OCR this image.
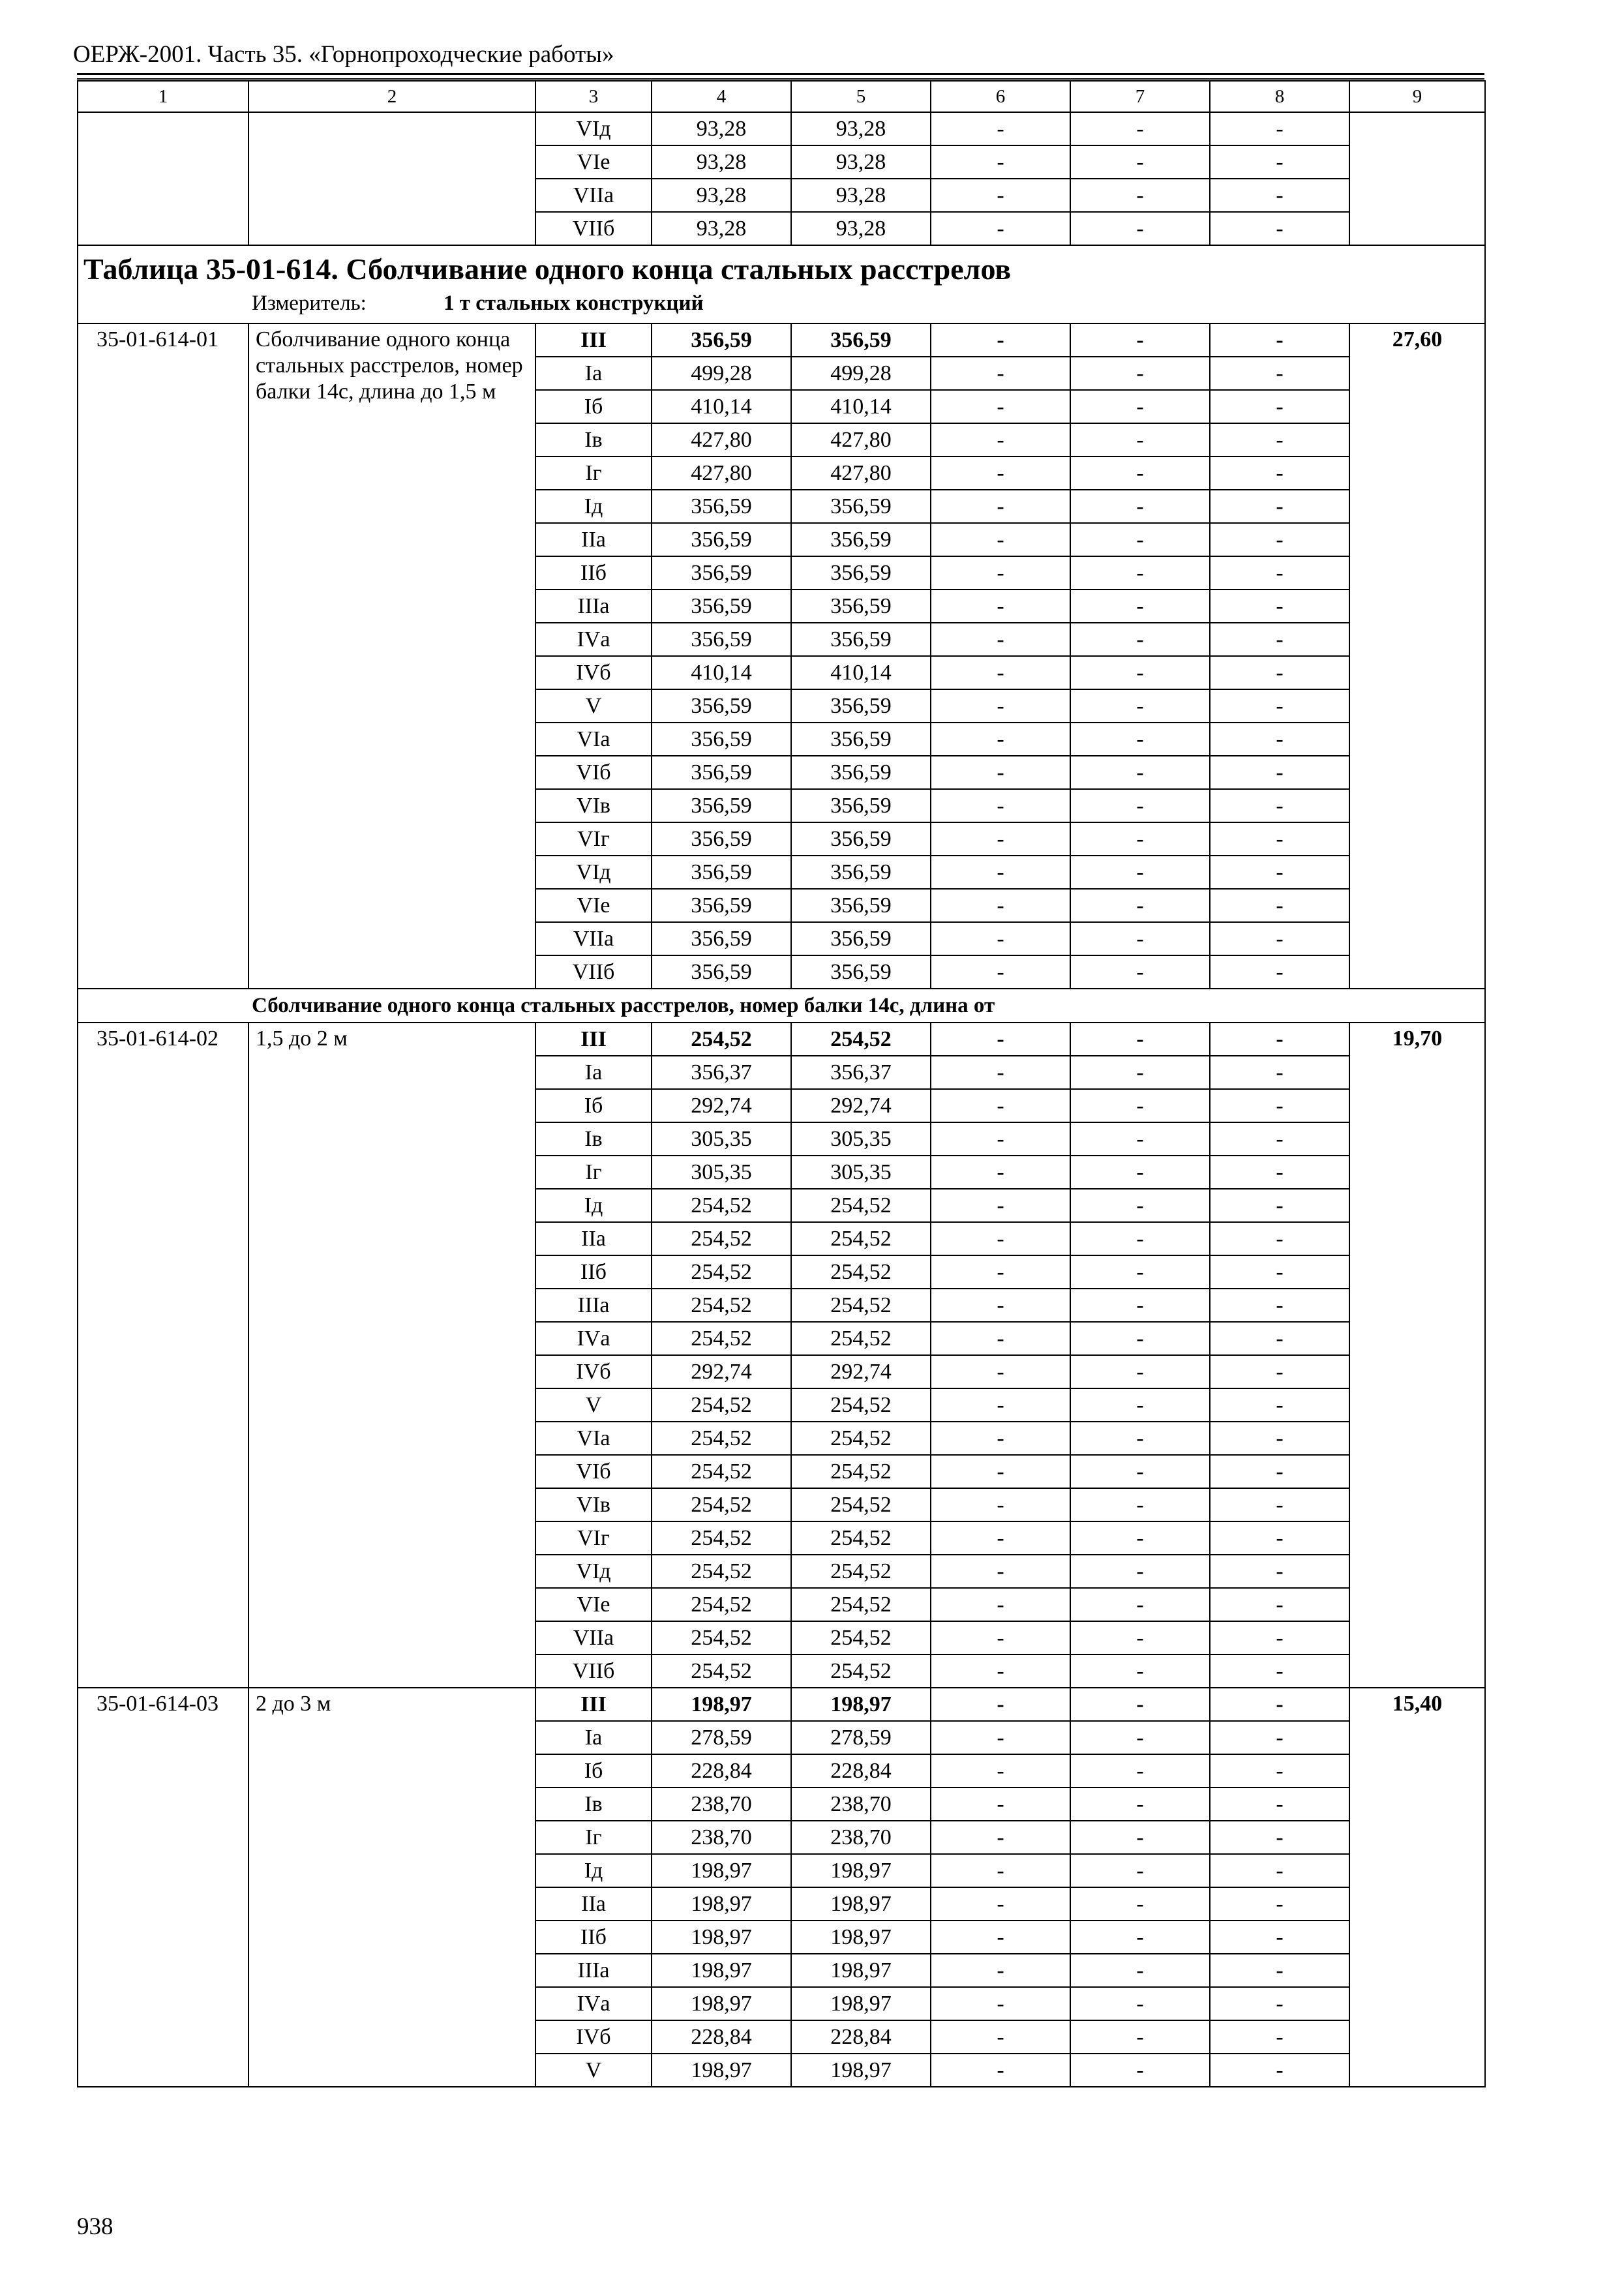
ОЕРЖ-2001. Часть 35. «Горнопроходческие работы»
1	2	3	4	5	6	7	8	9
		VIд	93,28	93,28	-	-	-	
		VIе	93,28	93,28	-	-	-	
		VIIа	93,28	93,28	-	-	-	
		VIIб	93,28	93,28	-	-	-	

Таблица 35-01-614. Сболчивание одного конца стальных расстрелов
Измеритель: 1 т стальных конструкций								

35-01-614-01	Сболчивание одного конца стальных расстрелов, номер балки 14с, длина до 1,5 м	III	356,59	356,59	-	-	-	27,60
		Iа	499,28	499,28	-	-	-	
		Iб	410,14	410,14	-	-	-	
		Iв	427,80	427,80	-	-	-	
		Iг	427,80	427,80	-	-	-	
		Iд	356,59	356,59	-	-	-	
		IIа	356,59	356,59	-	-	-	
		IIб	356,59	356,59	-	-	-	
		IIIа	356,59	356,59	-	-	-	
		IVа	356,59	356,59	-	-	-	
		IVб	410,14	410,14	-	-	-	
		V	356,59	356,59	-	-	-	
		VIа	356,59	356,59	-	-	-	
		VIб	356,59	356,59	-	-	-	
		VIв	356,59	356,59	-	-	-	
		VIг	356,59	356,59	-	-	-	
		VIд	356,59	356,59	-	-	-	
		VIе	356,59	356,59	-	-	-	
		VIIа	356,59	356,59	-	-	-	
		VIIб	356,59	356,59	-	-	-	
Сболчивание одного конца стальных расстрелов, номер балки 14с, длина от								
35-01-614-02	1,5 до 2 м	III	254,52	254,52	-	-	-	19,70
		Iа	356,37	356,37	-	-	-	
		Iб	292,74	292,74	-	-	-	
		Iв	305,35	305,35	-	-	-	
		Iг	305,35	305,35	-	-	-	
		Iд	254,52	254,52	-	-	-	
		IIа	254,52	254,52	-	-	-	
		IIб	254,52	254,52	-	-	-	
		IIIа	254,52	254,52	-	-	-	
		IVа	254,52	254,52	-	-	-	
		IVб	292,74	292,74	-	-	-	
		V	254,52	254,52	-	-	-	
		VIа	254,52	254,52	-	-	-	
		VIб	254,52	254,52	-	-	-	
		VIв	254,52	254,52	-	-	-	
		VIг	254,52	254,52	-	-	-	
		VIд	254,52	254,52	-	-	-	
		VIе	254,52	254,52	-	-	-	
		VIIа	254,52	254,52	-	-	-	
		VIIб	254,52	254,52	-	-	-	
35-01-614-03	2 до 3 м	III	198,97	198,97	-	-	-	15,40
		Iа	278,59	278,59	-	-	-	
		Iб	228,84	228,84	-	-	-	
		Iв	238,70	238,70	-	-	-	
		Iг	238,70	238,70	-	-	-	
		Iд	198,97	198,97	-	-	-	
		IIа	198,97	198,97	-	-	-	
		IIб	198,97	198,97	-	-	-	
		IIIа	198,97	198,97	-	-	-	
		IVа	198,97	198,97	-	-	-	
		IVб	228,84	228,84	-	-	-	
		V	198,97	198,97	-	-	-	
938
